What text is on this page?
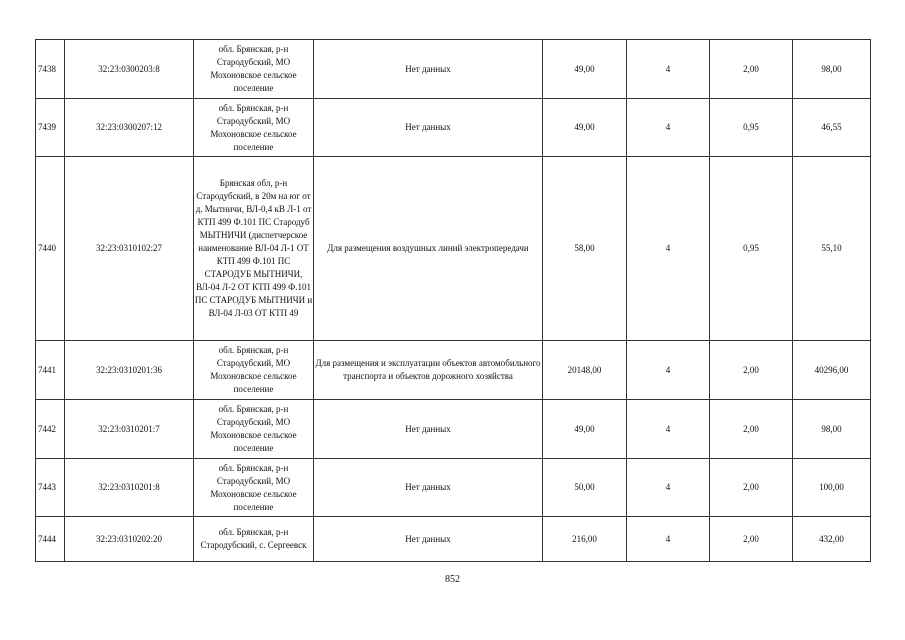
7438	32:23:0300203:8	обл. Брянская, р-н Стародубский, МО Мохоновское сельское поселение	Нет данных	49,00	4	2,00	98,00
7439	32:23:0300207:12	обл. Брянская, р-н Стародубский, МО Мохоновское сельское поселение	Нет данных	49,00	4	0,95	46,55
7440	32:23:0310102:27	Брянская обл, р-н Стародубский, в 20м на юг от д. Мытничи, ВЛ-0,4 кВ Л-1 от КТП 499 Ф.101 ПС Стародуб МЫТНИЧИ (диспетчерское наименование ВЛ-04 Л-1 ОТ КТП 499 Ф.101 ПС СТАРОДУБ МЫТНИЧИ, ВЛ-04 Л-2 ОТ КТП 499 Ф.101 ПС СТАРОДУБ МЫТНИЧИ и ВЛ-04 Л-03 ОТ КТП 49	Для размещения воздушных линий электропередачи	58,00	4	0,95	55,10
7441	32:23:0310201:36	обл. Брянская, р-н Стародубский, МО Мохоновское сельское поселение	Для размещения и эксплуатации объектов автомобильного транспорта и объектов дорожного хозяйства	20148,00	4	2,00	40296,00
7442	32:23:0310201:7	обл. Брянская, р-н Стародубский, МО Мохоновское сельское поселение	Нет данных	49,00	4	2,00	98,00
7443	32:23:0310201:8	обл. Брянская, р-н Стародубский, МО Мохоновское сельское поселение	Нет данных	50,00	4	2,00	100,00
7444	32:23:0310202:20	обл. Брянская, р-н Стародубский, с. Сергеевск	Нет данных	216,00	4	2,00	432,00
852
